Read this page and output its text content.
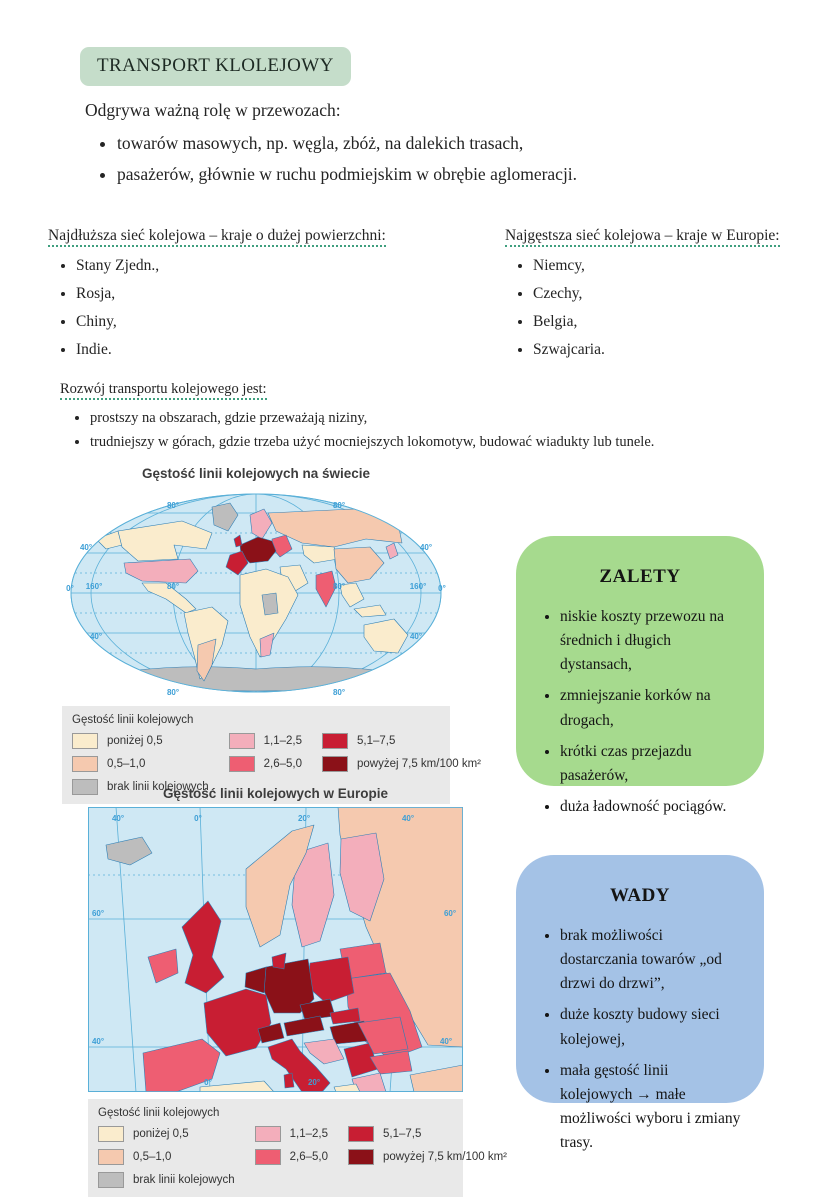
TRANSPORT KLOLEJOWY

Odgrywa ważną rolę w przewozach:

• towarów masowych, np. węgla, zbóż, na dalekich trasach,
• pasażerów, głównie w ruchu podmiejskim w obrębie aglomeracji.
Najdłuższa sieć kolejowa – kraje o dużej powierzchni:
• Stany Zjedn.,
• Rosja,
• Chiny,
• Indie.
Najgęstsza sieć kolejowa – kraje w Europie:
• Niemcy,
• Czechy,
• Belgia,
• Szwajcaria.
Rozwój transportu kolejowego jest:
• prostszy na obszarach, gdzie przeważają niziny,
• trudniejszy w górach, gdzie trzeba użyć mocniejszych lokomotyw, budować wiadukty lub tunele.

Gęstość linii kolejowych na świecie

80°	80°
40°	40°
0°	0°
160°	160°
80°	80°
40°	40°
80°	80°

Gęstość linii kolejowych

poniżej 0,5
0,5–1,0
brak linii kolejowych
1,1–2,5
2,6–5,0
5,1–7,5
powyżej 7,5 km/100 km²

Gęstość linii kolejowych w Europie

40°	0°	20°	40°
60°	60°
40°	40°
0°	20°

Gęstość linii kolejowych

poniżej 0,5
0,5–1,0
brak linii kolejowych
1,1–2,5
2,6–5,0
5,1–7,5
powyżej 7,5 km/100 km²
ZALETY
• niskie koszty przewozu na średnich i długich dystansach,
• zmniejszanie korków na drogach,
• krótki czas przejazdu pasażerów,
• duża ładowność pociągów.
WADY
• brak możliwości dostarczania towarów „od drzwi do drzwi”,
• duże koszty budowy sieci kolejowej,
• mała gęstość linii kolejowych → małe możliwości wyboru i zmiany trasy.
